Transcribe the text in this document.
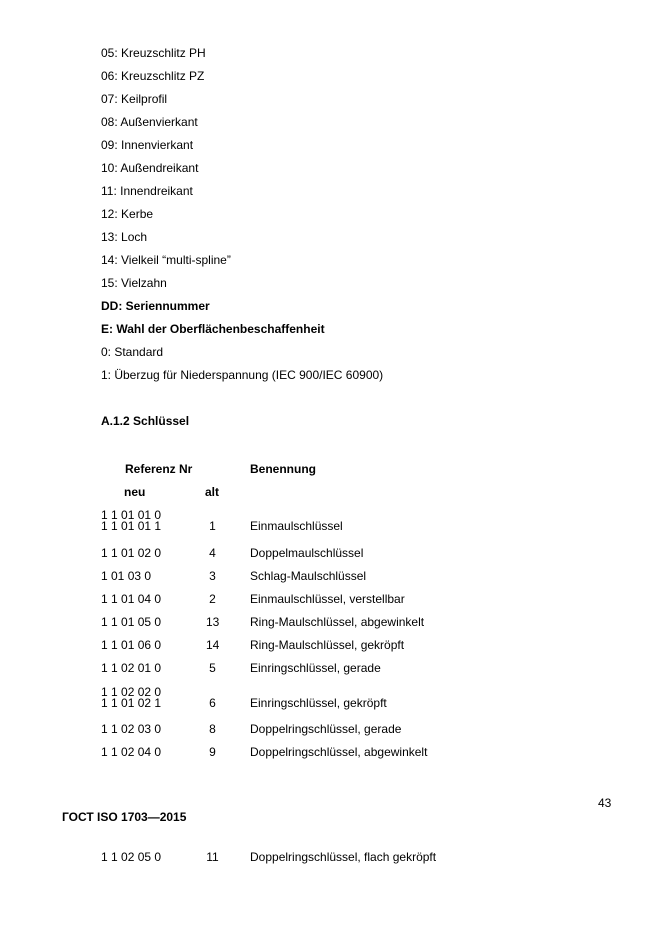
05: Kreuzschlitz PH
06: Kreuzschlitz PZ
07: Keilprofil
08: Außenvierkant
09: Innenvierkant
10: Außendreikant
11: Innendreikant
12: Kerbe
13: Loch
14: Vielkeil “multi-spline”
15: Vielzahn
DD: Seriennummer
E: Wahl der Oberflächenbeschaffenheit
0: Standard
1: Überzug für Niederspannung (IEC 900/IEC 60900)
A.1.2 Schlüssel
Referenz Nr	Benennung
neu	alt
1 1 01 01 0
1 1 01 01 1	1	Einmaulschlüssel
1 1 01 02 0	4	Doppelmaulschlüssel
1 01 03 0	3	Schlag-Maulschlüssel
1 1 01 04 0	2	Einmaulschlüssel, verstellbar
1 1 01 05 0	13	Ring-Maulschlüssel, abgewinkelt
1 1 01 06 0	14	Ring-Maulschlüssel, gekröpft
1 1 02 01 0	5	Einringschlüssel, gerade
1 1 02 02 0
1 1 01 02 1	6	Einringschlüssel, gekröpft
1 1 02 03 0	8	Doppelringschlüssel, gerade
1 1 02 04 0	9	Doppelringschlüssel, abgewinkelt
43
ГОСТ ISO 1703—2015
1 1 02 05 0	11	Doppelringschlüssel, flach gekröpft
